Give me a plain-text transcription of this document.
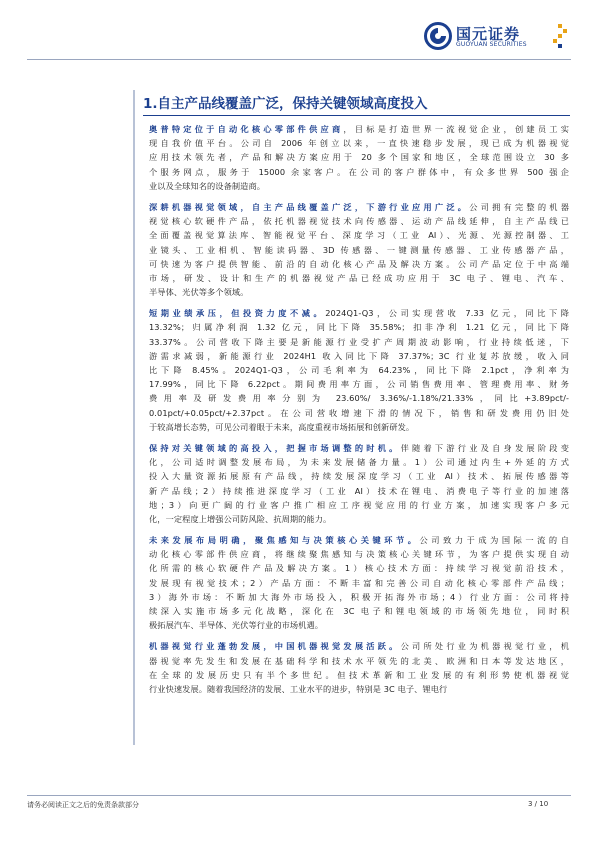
国元证券
GUOYUAN SECURITIES
1.自主产品线覆盖广泛，保持关键领域高度投入

奥普特定位于自动化核心零部件供应商，目标是打造世界一流视觉企业，创建员工实

现自我价值平台。公司自 2006 年创立以来，一直快速稳步发展，现已成为机器视觉

应用技术领先者，产品和解决方案应用于 20 多个国家和地区，全球范围设立 30 多

个服务网点，服务于 15000 余家客户。在公司的客户群体中，有众多世界 500 强企

业以及全球知名的设备制造商。

深耕机器视觉领域，自主产品线覆盖广泛，下游行业应用广泛。公司拥有完整的机器

视觉核心软硬件产品，依托机器视觉技术向传感器、运动产品线延伸，自主产品线已

全面覆盖视觉算法库、智能视觉平台、深度学习（工业 AI）、光源、光源控制器、工

业镜头、工业相机、智能读码器、3D 传感器、一键测量传感器、工业传感器产品，

可快速为客户提供智能、前沿的自动化核心产品及解决方案。公司产品定位于中高端

市场，研发、设计和生产的机器视觉产品已经成功应用于 3C 电子、锂电、汽车、

半导体、光伏等多个领域。

短期业绩承压，但投资力度不减。2024Q1-Q3，公司实现营收 7.33 亿元，同比下降

13.32%；归属净利润 1.32 亿元，同比下降 35.58%；扣非净利 1.21 亿元，同比下降

33.37%。公司营收下降主要是新能源行业受扩产周期波动影响，行业持续低迷，下

游需求减弱，新能源行业 2024H1 收入同比下降 37.37%；3C 行业复苏放缓，收入同

比下降 8.45%。2024Q1-Q3，公司毛利率为 64.23%，同比下降 2.1pct，净利率为

17.99%，同比下降 6.22pct。期间费用率方面，公司销售费用率、管理费用率、财务

费用率及研发费用率分别为 23.60%/ 3.36%/-1.18%/21.33%，同比+3.89pct/-

0.01pct/+0.05pct/+2.37pct。在公司营收增速下滑的情况下，销售和研发费用仍旧处

于较高增长态势，可见公司着眼于未来，高度重视市场拓展和创新研发。

保持对关键领域的高投入，把握市场调整的时机。伴随着下游行业及自身发展阶段变

化，公司适时调整发展布局，为未来发展储备力量。1）公司通过内生+外延的方式

投入大量资源拓展原有产品线，持续发展深度学习（工业 AI）技术、拓展传感器等

新产品线；2）持续推进深度学习（工业 AI）技术在锂电、消费电子等行业的加速落

地；3）向更广阔的行业客户推广相应工序视觉应用的行业方案，加速实现客户多元

化，一定程度上增强公司防风险、抗周期的能力。

未来发展布局明确，聚焦感知与决策核心关键环节。公司致力于成为国际一流的自

动化核心零部件供应商，将继续聚焦感知与决策核心关键环节，为客户提供实现自动

化所需的核心软硬件产品及解决方案。1）核心技术方面：持续学习视觉前沿技术，

发展现有视觉技术；2）产品方面：不断丰富和完善公司自动化核心零部件产品线；

3）海外市场：不断加大海外市场投入，积极开拓海外市场；4）行业方面：公司将持

续深入实施市场多元化战略，深化在 3C 电子和锂电领域的市场领先地位，同时积

极拓展汽车、半导体、光伏等行业的市场机遇。

机器视觉行业蓬勃发展，中国机器视觉发展活跃。公司所处行业为机器视觉行业，机

器视觉率先发生和发展在基础科学和技术水平领先的北美、欧洲和日本等发达地区，

在全球的发展历史只有半个多世纪。但技术革新和工业发展的有利形势使机器视觉

行业快速发展。随着我国经济的发展、工业水平的进步，特别是 3C 电子、锂电行

请务必阅读正文之后的免责条款部分	3 / 10
